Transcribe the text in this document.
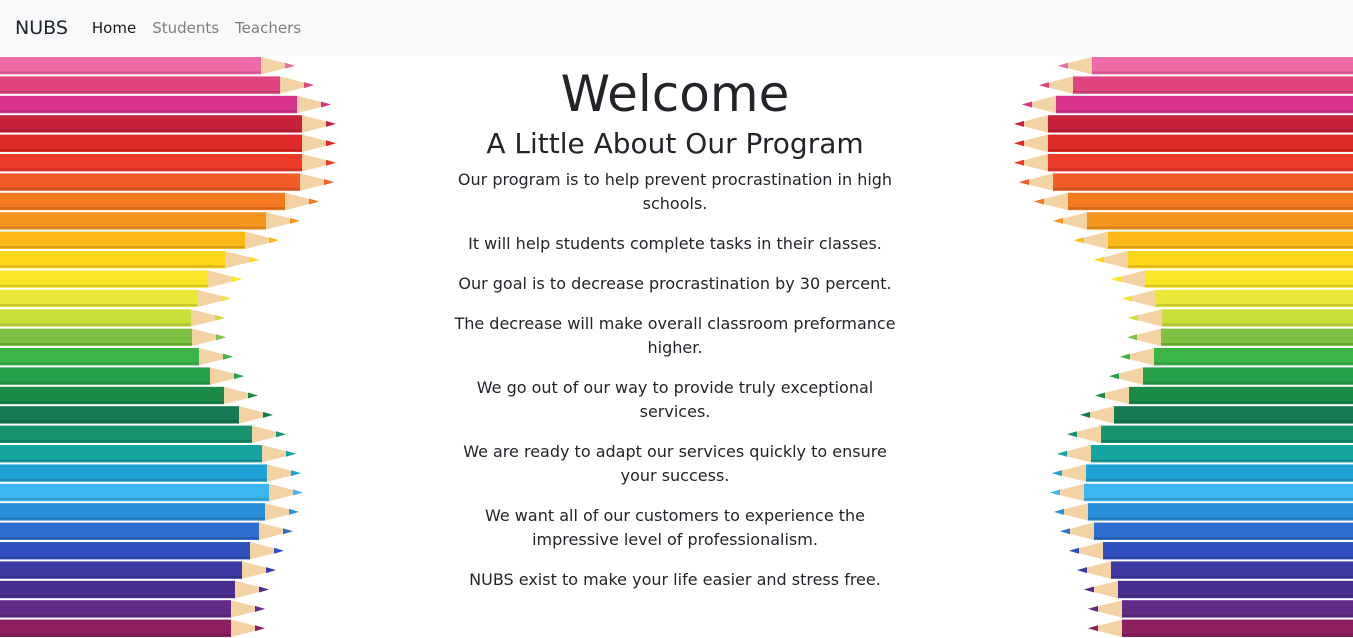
NUBS Home Students Teachers
Welcome
A Little About Our Program

Our program is to help prevent procrastination in high schools.

It will help students complete tasks in their classes.

Our goal is to decrease procrastination by 30 percent.

The decrease will make overall classroom preformance higher.

We go out of our way to provide truly exceptional services.

We are ready to adapt our services quickly to ensure your success.

We want all of our customers to experience the impressive level of professionalism.

NUBS exist to make your life easier and stress free.
